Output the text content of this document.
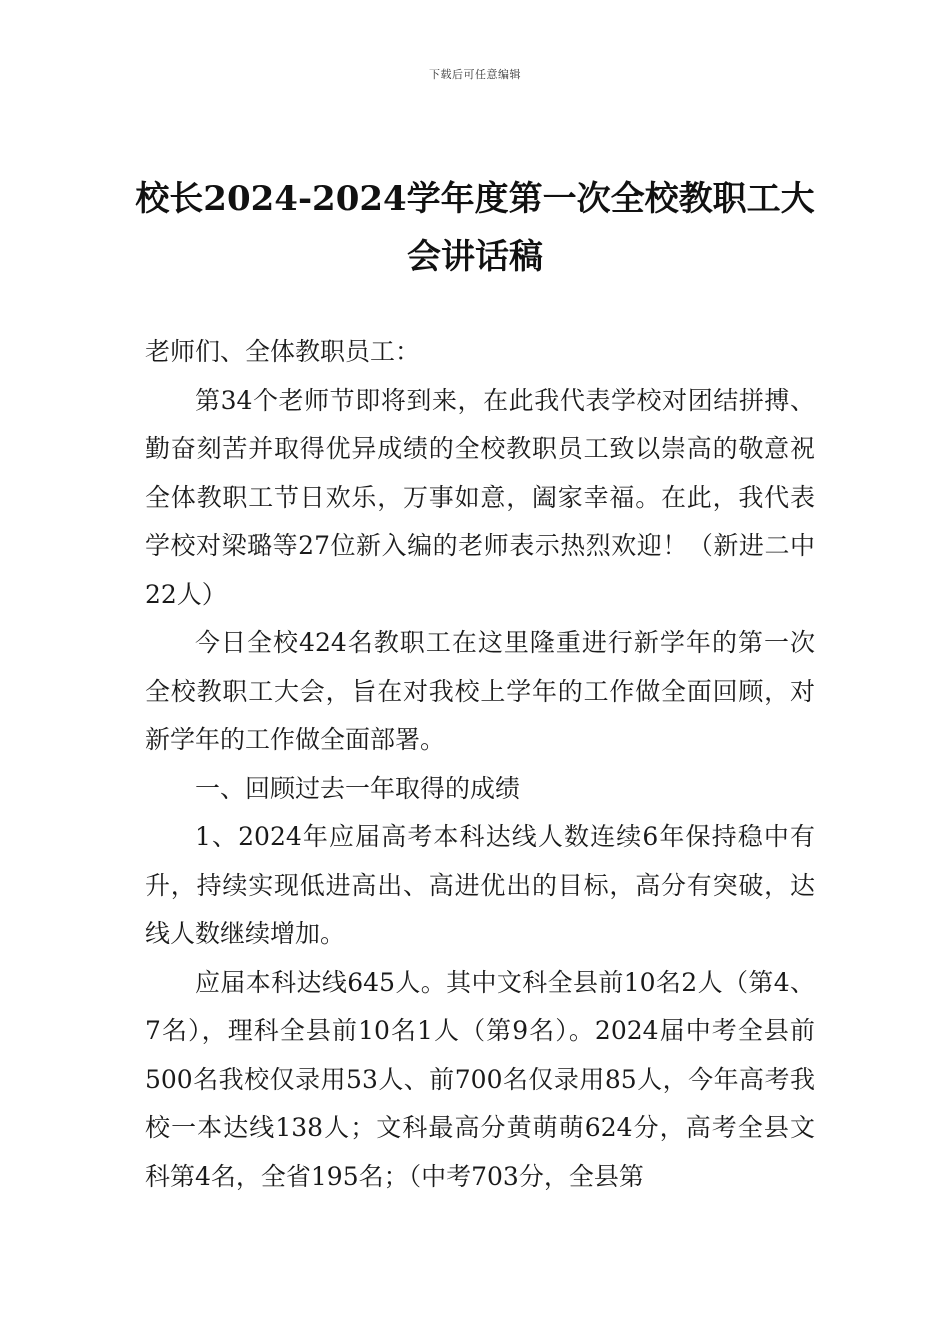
下载后可任意编辑
校长2024-2024学年度第一次全校教职工大会讲话稿

老师们、全体教职员工：

第34个老师节即将到来，在此我代表学校对团结拼搏、勤奋刻苦并取得优异成绩的全校教职员工致以崇高的敬意祝全体教职工节日欢乐，万事如意，阖家幸福。在此，我代表学校对梁璐等27位新入编的老师表示热烈欢迎！（新进二中22人）

今日全校424名教职工在这里隆重进行新学年的第一次全校教职工大会，旨在对我校上学年的工作做全面回顾，对新学年的工作做全面部署。

一、回顾过去一年取得的成绩

1、2024年应届高考本科达线人数连续6年保持稳中有升，持续实现低进高出、高进优出的目标，高分有突破，达线人数继续增加。

应届本科达线645人。其中文科全县前10名2人（第4、7名），理科全县前10名1人（第9名）。2024届中考全县前500名我校仅录用53人、前700名仅录用85人，今年高考我校一本达线138人；文科最高分黄萌萌624分，高考全县文科第4名，全省195名；（中考703分，全县第
